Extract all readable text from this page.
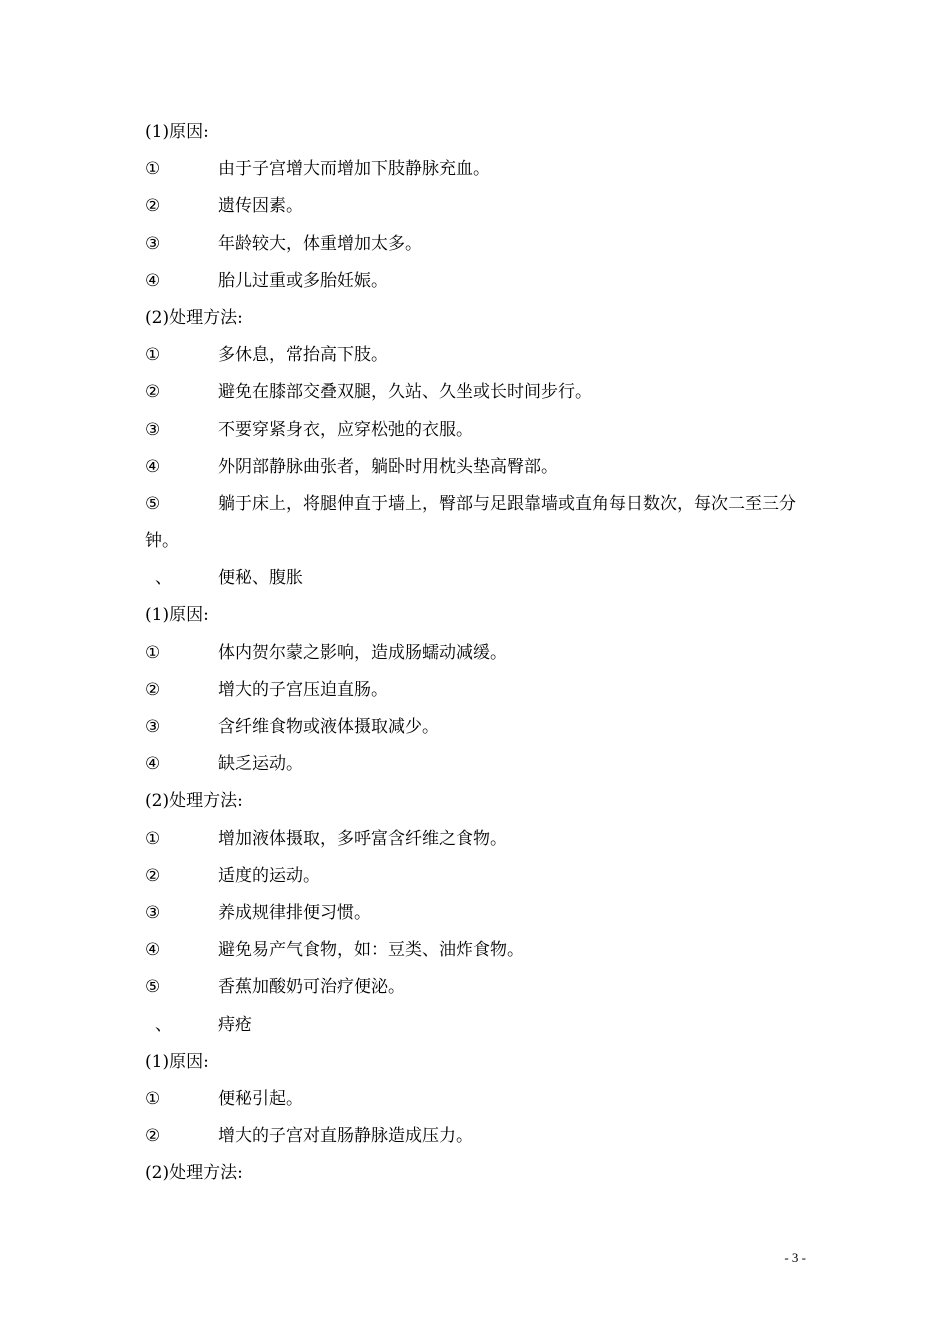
(1)原因:
①	由于子宫增大而增加下肢静脉充血。
②	遗传因素。
③	年龄较大，体重增加太多。
④	胎儿过重或多胎妊娠。
(2)处理方法:
①	多休息，常抬高下肢。
②	避免在膝部交叠双腿，久站、久坐或长时间步行。
③	不要穿紧身衣，应穿松弛的衣服。
④	外阴部静脉曲张者，躺卧时用枕头垫高臀部。
⑤	躺于床上，将腿伸直于墙上，臀部与足跟靠墙或直角每日数次，每次二至三分钟。
、	便秘、腹胀
(1)原因:
①	体内贺尔蒙之影响，造成肠蠕动减缓。
②	增大的子宫压迫直肠。
③	含纤维食物或液体摄取减少。
④	缺乏运动。
(2)处理方法:
①	增加液体摄取，多呼富含纤维之食物。
②	适度的运动。
③	养成规律排便习惯。
④	避免易产气食物，如：豆类、油炸食物。
⑤	香蕉加酸奶可治疗便泌。
、	痔疮
(1)原因:
①	便秘引起。
②	增大的子宫对直肠静脉造成压力。
(2)处理方法:
- 3 -
